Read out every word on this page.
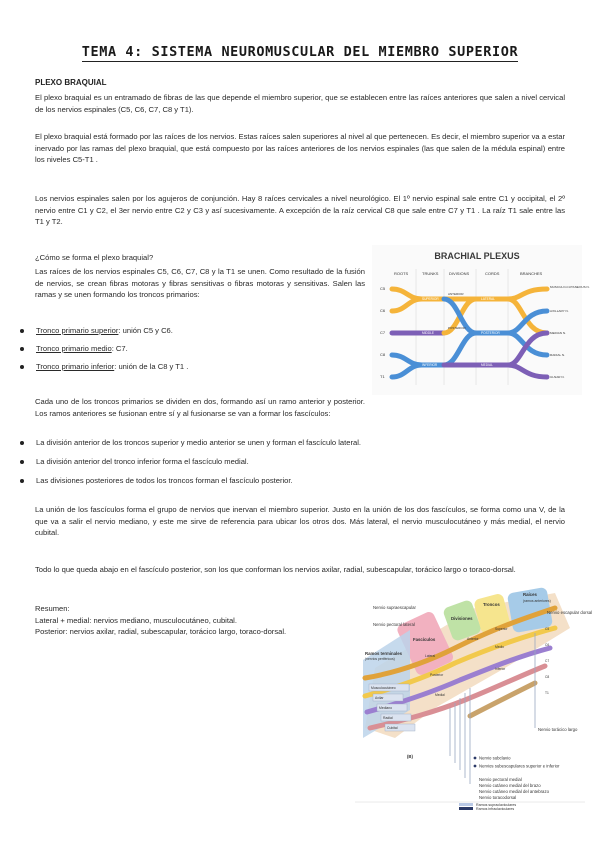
TEMA 4: SISTEMA NEUROMUSCULAR DEL MIEMBRO SUPERIOR
PLEXO BRAQUIAL
El plexo braquial es un entramado de fibras de las que depende el miembro superior, que se establecen entre las raíces anteriores que salen a nivel cervical de los nervios espinales (C5, C6, C7, C8 y T1).
El plexo braquial está formado por las raíces de los nervios. Estas raíces salen superiores al nivel al que pertenecen. Es decir, el miembro superior va a estar inervado por las ramas del plexo braquial, que está compuesto por las raíces anteriores de los nervios espinales (las que salen de la médula espinal) entre los niveles C5-T1 .
Los nervios espinales salen por los agujeros de conjunción. Hay 8 raíces cervicales a nivel neurológico. El 1º nervio espinal sale entre C1 y occipital, el 2º nervio entre C1 y C2, el 3er nervio entre C2 y C3 y así sucesivamente. A excepción de la raíz cervical C8 que sale entre C7 y T1 . La raíz T1 sale entre las T1 y T2.
¿Cómo se forma el plexo braquial?
Las raíces de los nervios espinales C5, C6, C7, C8 y la T1 se unen. Como resultado de la fusión de nervios, se crean fibras motoras y fibras sensitivas o fibras motoras y sensitivas. Salen las ramas y se unen formando los troncos primarios:
Tronco primario superior: unión C5 y C6.
Tronco primario medio: C7.
Tronco primario inferior: unión de la C8 y T1 .
Cada uno de los troncos primarios se dividen en dos, formando así un ramo anterior y posterior. Los ramos anteriores se fusionan entre sí y al fusionarse se van a formar los fascículos:
La división anterior de los troncos superior y medio anterior se unen y forman el fascículo lateral.
La división anterior del tronco inferior forma el fascículo medial.
Las divisiones posteriores de todos los troncos forman el fascículo posterior.
La unión de los fascículos forma el grupo de nervios que inervan el miembro superior. Justo en la unión de los dos fascículos, se forma como una V, de la que va a salir el nervio mediano, y este me sirve de referencia para ubicar los otros dos. Más lateral, el nervio musculocutáneo y más medial, el nervio cubital.
Todo lo que queda abajo en el fascículo posterior, son los que conforman los nervios axilar, radial, subescapular, torácico largo o toraco-dorsal.
Resumen:
Lateral + medial: nervios mediano, musculocutáneo, cubital.
Posterior: nervios axilar, radial, subescapular, torácico largo, toraco-dorsal.
BRACHIAL PLEXUS
ROOTS	TRUNKS	DIVISIONS	CORDS	BRANCHES
C5
C6
C7
C8
T1
SUPERIOR
MIDDLE
INFERIOR
ANTERIOR
POSTERIOR
LATERAL
POSTERIOR
MEDIAL
MUSCULO-CUTANEOUS N.
AXILLARY N.
MEDIAN N.
RADIAL N.
ULNAR N.
Nervio supraescapular
Nervio pectoral lateral
Fascículos
Divisiones
Troncos
Raíces
(ramos anteriores)
Nervio escapular dorsal
Ramos terminales
(nervios periféricos)
Nervio torácico largo
Lateral
Posterior
Medial
Superior
Medio
Inferior
Anterior
C5
C6
C7
C8
T1
Musculocutáneo
Axilar
Mediano
Radial
Cubital
Nervio subclavio
Nervios subescapulares superior e inferior
Nervio pectoral medial
Nervio cutáneo medial del brazo
Nervio cutáneo medial del antebrazo
Nervio toracodorsal
(B)
Ramos supraclaviculares
Ramos infraclaviculares
